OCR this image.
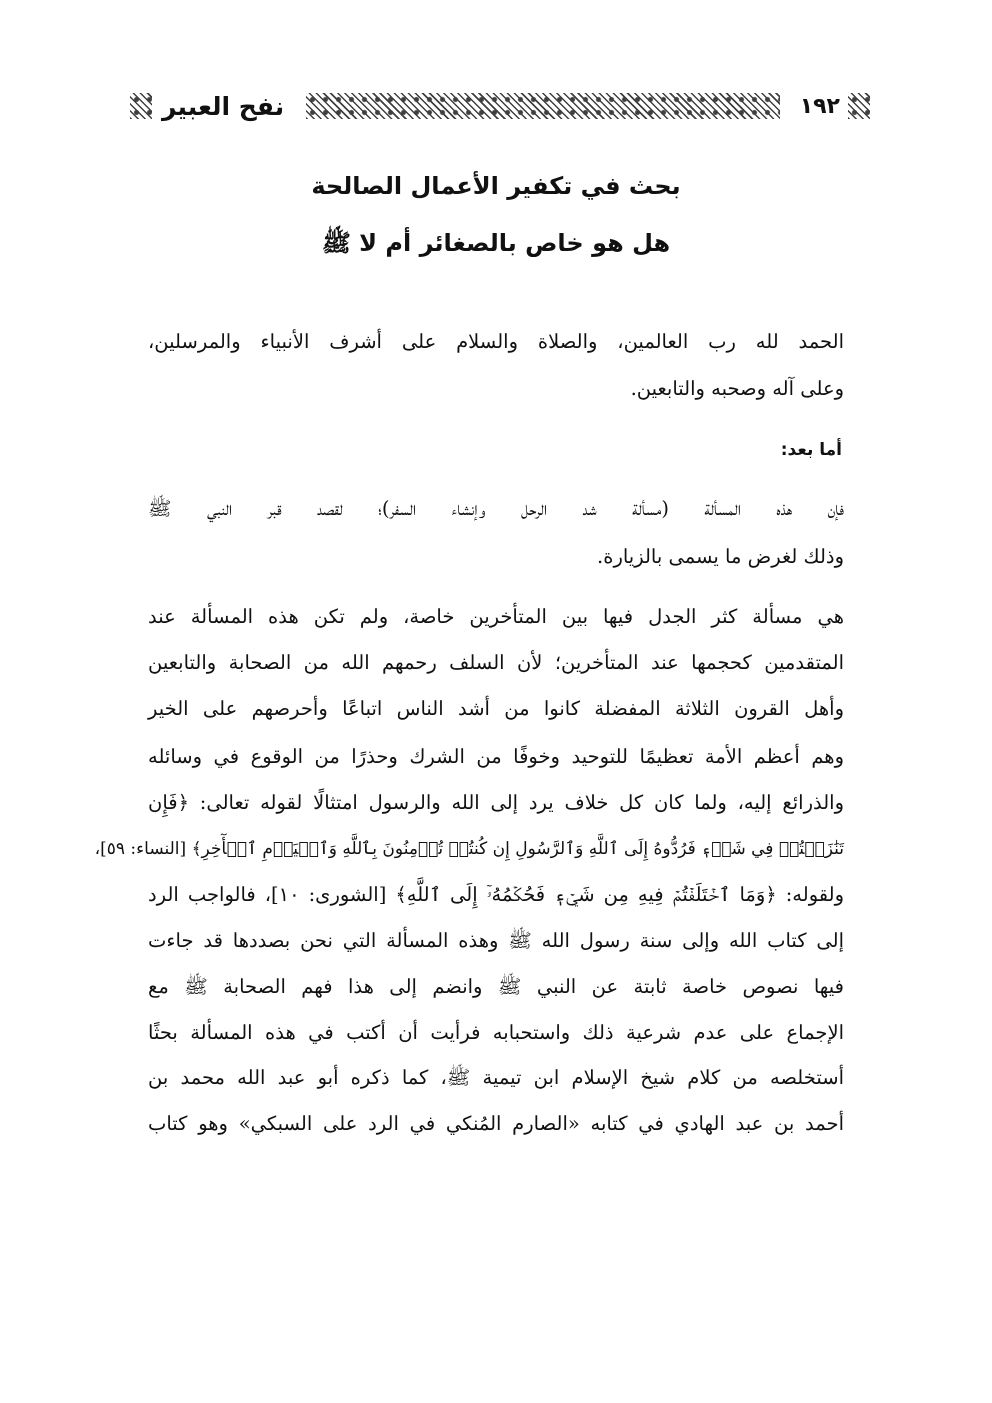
نفح العبير	١٩٢
بحث في تكفير الأعمال الصالحة
هل هو خاص بالصغائر أم لا ﷺ
الحمد لله رب العالمين، والصلاة والسلام على أشرف الأنبياء والمرسلين،
وعلى آله وصحبه والتابعين.
أما بعد:
فإن هذه المسألة (مسألة شد الرحل وإنشاء السفر)؛ لقصد قبر النبي ﷺ
وذلك لغرض ما يسمى بالزيارة.
هي مسألة كثر الجدل فيها بين المتأخرين خاصة، ولم تكن هذه المسألة عند
المتقدمين كحجمها عند المتأخرين؛ لأن السلف رحمهم الله من الصحابة والتابعين
وأهل القرون الثلاثة المفضلة كانوا من أشد الناس اتباعًا وأحرصهم على الخير
وهم أعظم الأمة تعظيمًا للتوحيد وخوفًا من الشرك وحذرًا من الوقوع في وسائله
والذرائع إليه، ولما كان كل خلاف يرد إلى الله والرسول امتثالًا لقوله تعالى: ﴿فَإِن
تَنَٰزَعۡتُمۡ فِي شَيۡءٖ فَرُدُّوهُ إِلَى ٱللَّهِ وَٱلرَّسُولِ إِن كُنتُمۡ تُؤۡمِنُونَ بِٱللَّهِ وَٱلۡيَوۡمِ ٱلۡأٓخِرِ﴾ [النساء: ٥٩]،
ولقوله: ﴿وَمَا ٱخۡتَلَفۡتُمۡ فِيهِ مِن شَيۡءٖ فَحُكۡمُهُۥٓ إِلَى ٱللَّهِ﴾ [الشورى: ١٠]، فالواجب الرد
إلى كتاب الله وإلى سنة رسول الله ﷺ وهذه المسألة التي نحن بصددها قد جاءت
فيها نصوص خاصة ثابتة عن النبي ﷺ وانضم إلى هذا فهم الصحابة ﷺ مع
الإجماع على عدم شرعية ذلك واستحبابه فرأيت أن أكتب في هذه المسألة بحثًا
أستخلصه من كلام شيخ الإسلام ابن تيمية ﷺ، كما ذكره أبو عبد الله محمد بن
أحمد بن عبد الهادي في كتابه «الصارم المُنكي في الرد على السبكي» وهو كتاب
